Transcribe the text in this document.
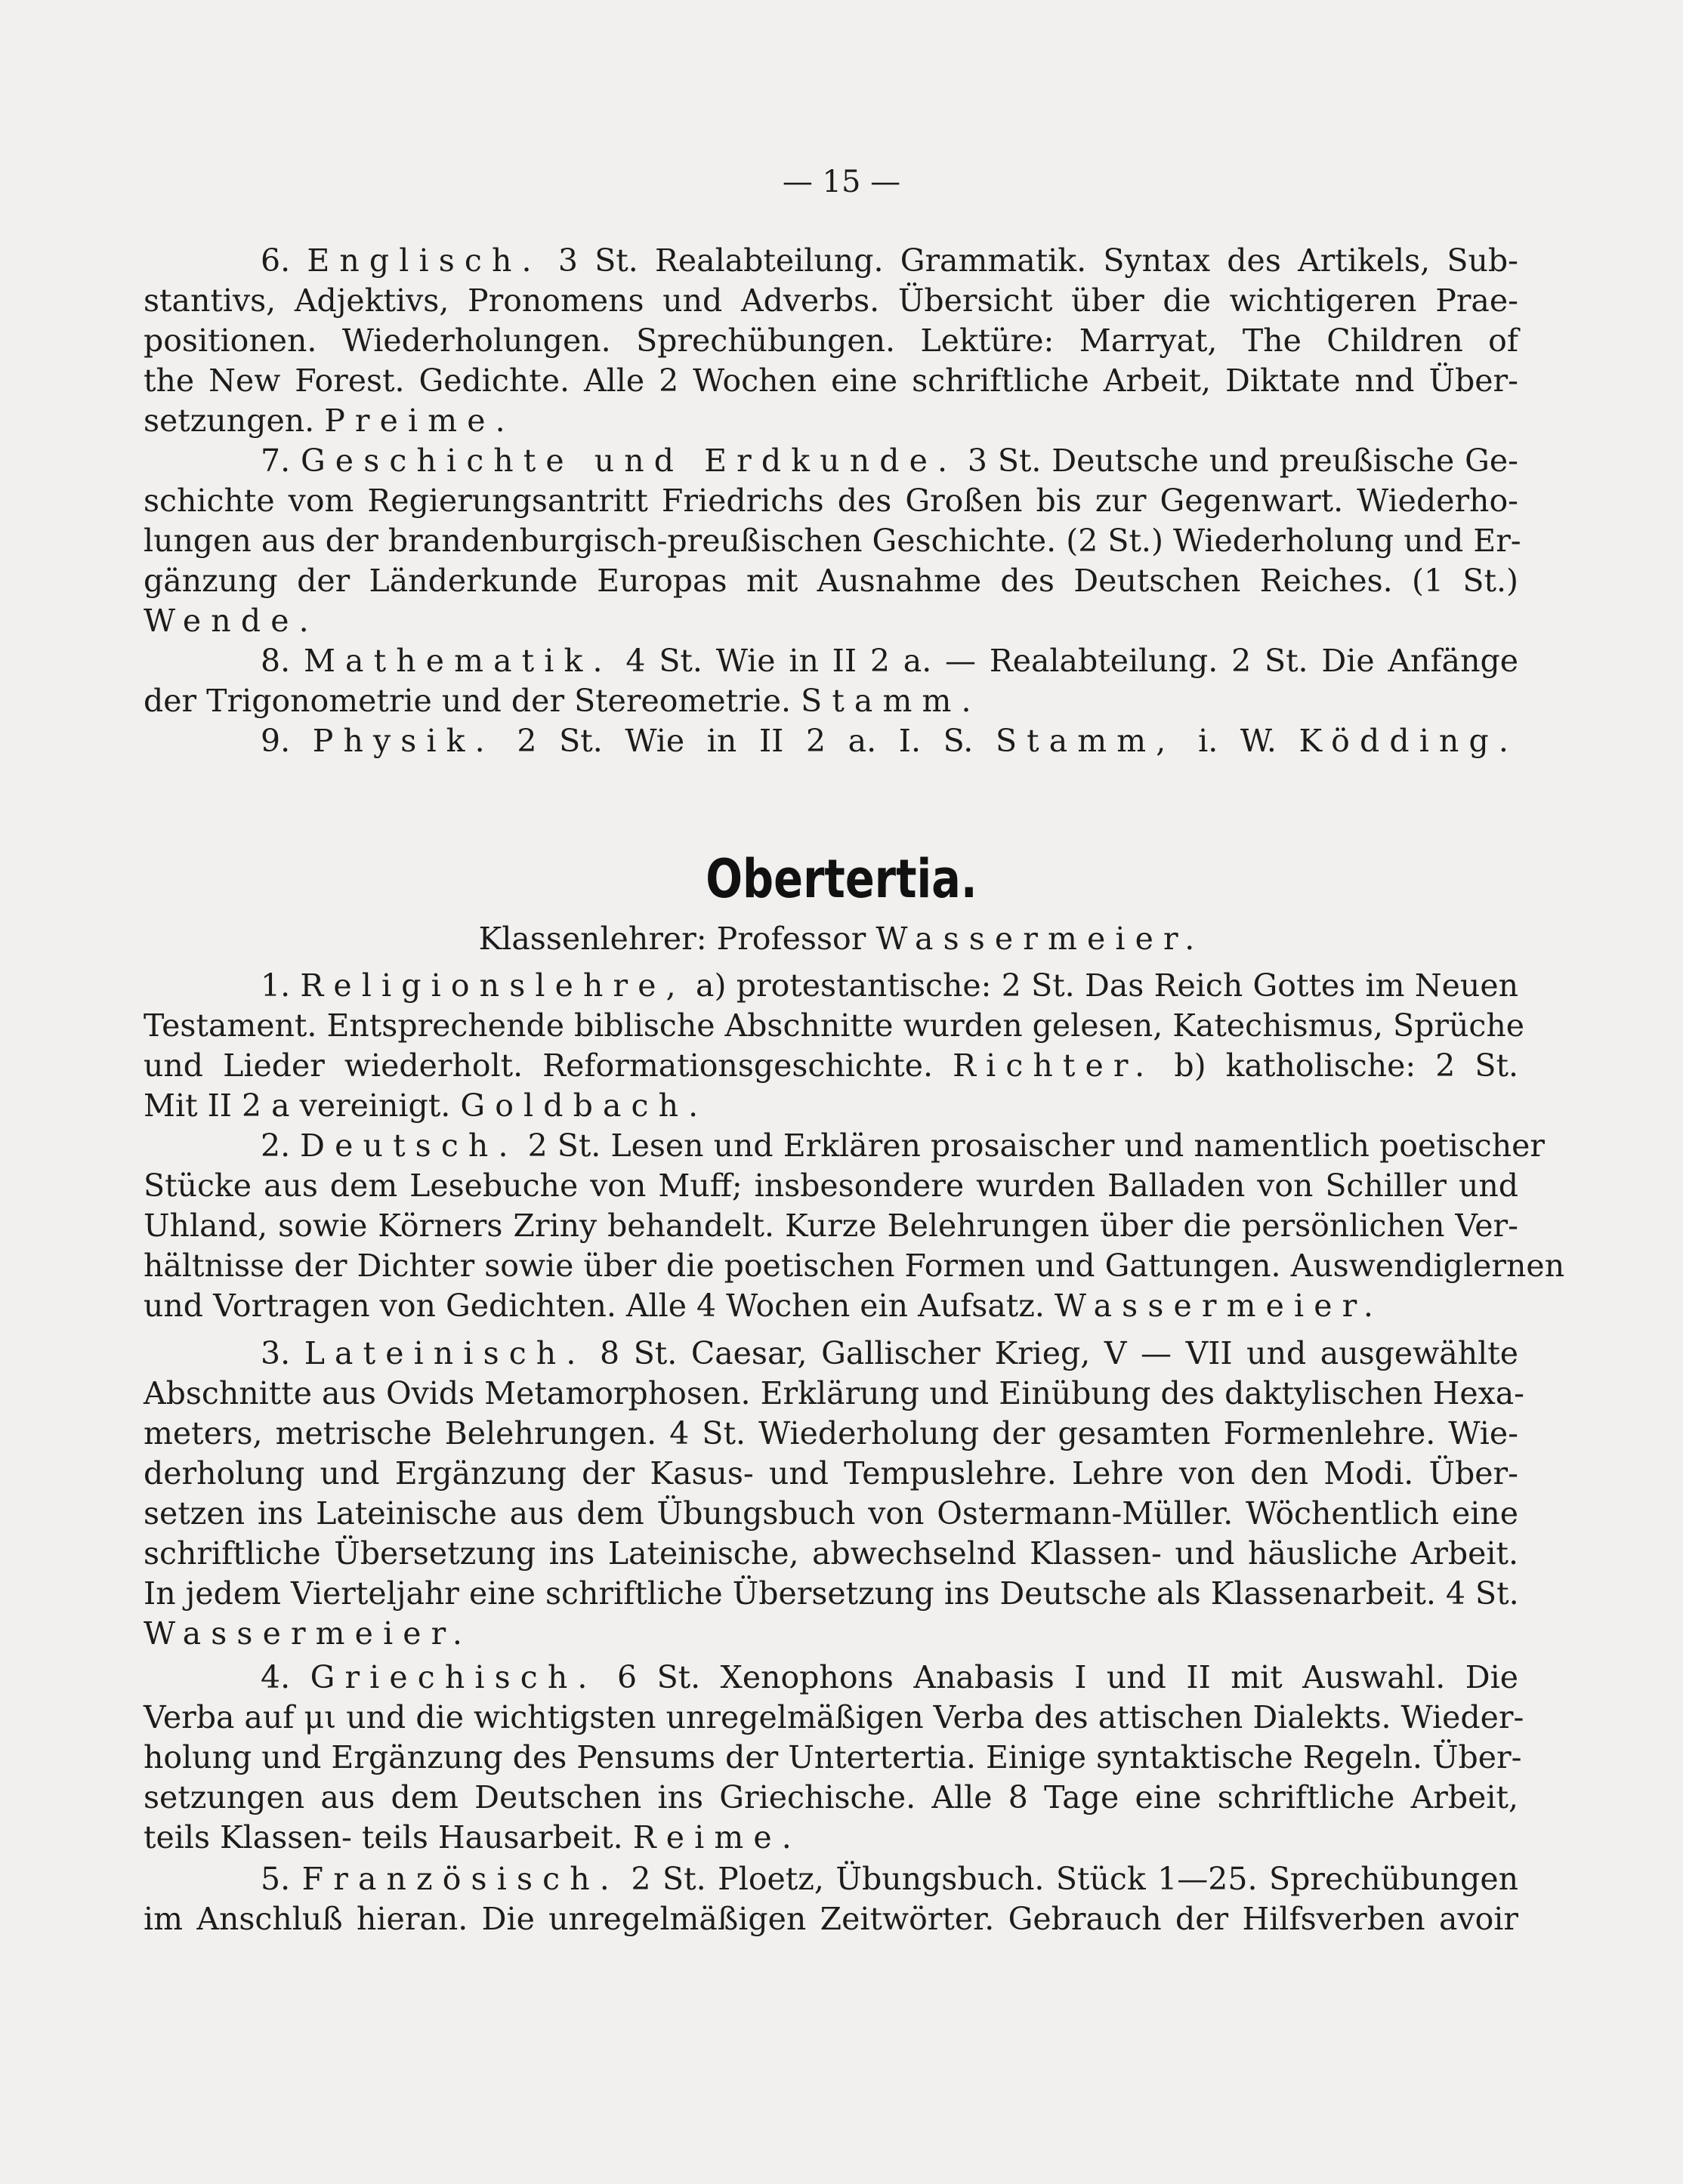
— 15 —
6. Englisch. 3 St. Realabteilung. Grammatik. Syntax des Artikels, Sub-
stantivs, Adjektivs, Pronomens und Adverbs. Übersicht über die wichtigeren Prae-
positionen. Wiederholungen. Sprechübungen. Lektüre: Marryat, The Children of
the New Forest. Gedichte. Alle 2 Wochen eine schriftliche Arbeit, Diktate nnd Über-
setzungen. Preime.
7. Geschichte und Erdkunde. 3 St. Deutsche und preußische Ge-
schichte vom Regierungsantritt Friedrichs des Großen bis zur Gegenwart. Wiederho-
lungen aus der brandenburgisch-preußischen Geschichte. (2 St.) Wiederholung und Er-
gänzung der Länderkunde Europas mit Ausnahme des Deutschen Reiches. (1 St.)
Wende.
8. Mathematik. 4 St. Wie in II 2 a. — Realabteilung. 2 St. Die Anfänge
der Trigonometrie und der Stereometrie. Stamm.
9. Physik. 2 St. Wie in II 2 a. I. S. Stamm, i. W. Ködding.
Obertertia.
Klassenlehrer: Professor Wassermeier.
1. Religionslehre, a) protestantische: 2 St. Das Reich Gottes im Neuen
Testament. Entsprechende biblische Abschnitte wurden gelesen, Katechismus, Sprüche
und Lieder wiederholt. Reformationsgeschichte. Richter. b) katholische: 2 St.
Mit II 2 a vereinigt. Goldbach.
2. Deutsch. 2 St. Lesen und Erklären prosaischer und namentlich poetischer
Stücke aus dem Lesebuche von Muff; insbesondere wurden Balladen von Schiller und
Uhland, sowie Körners Zriny behandelt. Kurze Belehrungen über die persönlichen Ver-
hältnisse der Dichter sowie über die poetischen Formen und Gattungen. Auswendiglernen
und Vortragen von Gedichten. Alle 4 Wochen ein Aufsatz. Wassermeier.
3. Lateinisch. 8 St. Caesar, Gallischer Krieg, V — VII und ausgewählte
Abschnitte aus Ovids Metamorphosen. Erklärung und Einübung des daktylischen Hexa-
meters, metrische Belehrungen. 4 St. Wiederholung der gesamten Formenlehre. Wie-
derholung und Ergänzung der Kasus- und Tempuslehre. Lehre von den Modi. Über-
setzen ins Lateinische aus dem Übungsbuch von Ostermann-Müller. Wöchentlich eine
schriftliche Übersetzung ins Lateinische, abwechselnd Klassen- und häusliche Arbeit.
In jedem Vierteljahr eine schriftliche Übersetzung ins Deutsche als Klassenarbeit. 4 St.
Wassermeier.
4. Griechisch. 6 St. Xenophons Anabasis I und II mit Auswahl. Die
Verba auf μι und die wichtigsten unregelmäßigen Verba des attischen Dialekts. Wieder-
holung und Ergänzung des Pensums der Untertertia. Einige syntaktische Regeln. Über-
setzungen aus dem Deutschen ins Griechische. Alle 8 Tage eine schriftliche Arbeit,
teils Klassen- teils Hausarbeit. Reime.
5. Französisch. 2 St. Ploetz, Übungsbuch. Stück 1—25. Sprechübungen
im Anschluß hieran. Die unregelmäßigen Zeitwörter. Gebrauch der Hilfsverben avoir
